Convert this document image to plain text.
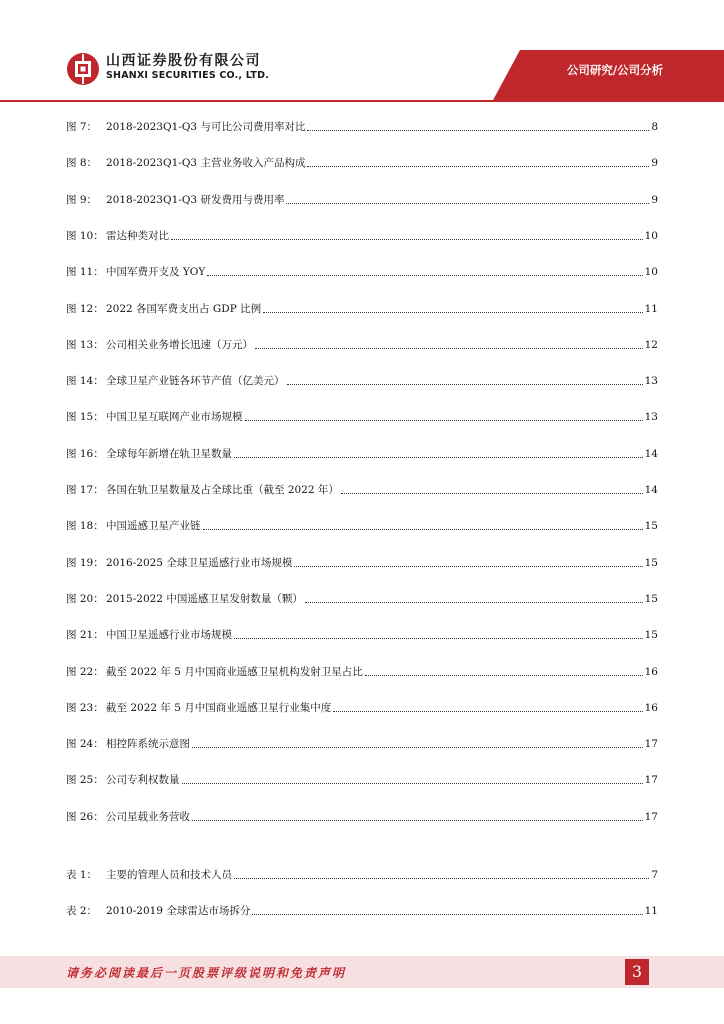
山西证券股份有限公司
SHANXI SECURITIES CO., LTD.	公司研究/公司分析
图 7： 2018-2023Q1-Q3 与可比公司费用率对比	8
图 8： 2018-2023Q1-Q3 主营业务收入产品构成	9
图 9： 2018-2023Q1-Q3 研发费用与费用率	9
图 10： 雷达种类对比	10
图 11： 中国军费开支及 YOY	10
图 12： 2022 各国军费支出占 GDP 比例	11
图 13： 公司相关业务增长迅速（万元）	12
图 14： 全球卫星产业链各环节产值（亿美元）	13
图 15： 中国卫星互联网产业市场规模	13
图 16： 全球每年新增在轨卫星数量	14
图 17： 各国在轨卫星数量及占全球比重（截至 2022 年）	14
图 18： 中国遥感卫星产业链	15
图 19： 2016-2025 全球卫星遥感行业市场规模	15
图 20： 2015-2022 中国遥感卫星发射数量（颗）	15
图 21： 中国卫星遥感行业市场规模	15
图 22： 截至 2022 年 5 月中国商业遥感卫星机构发射卫星占比	16
图 23： 截至 2022 年 5 月中国商业遥感卫星行业集中度	16
图 24： 相控阵系统示意图	17
图 25： 公司专利权数量	17
图 26： 公司星载业务营收	17
表 1： 主要的管理人员和技术人员	7
表 2： 2010-2019 全球雷达市场拆分	11
请务必阅读最后一页股票评级说明和免责声明	3
